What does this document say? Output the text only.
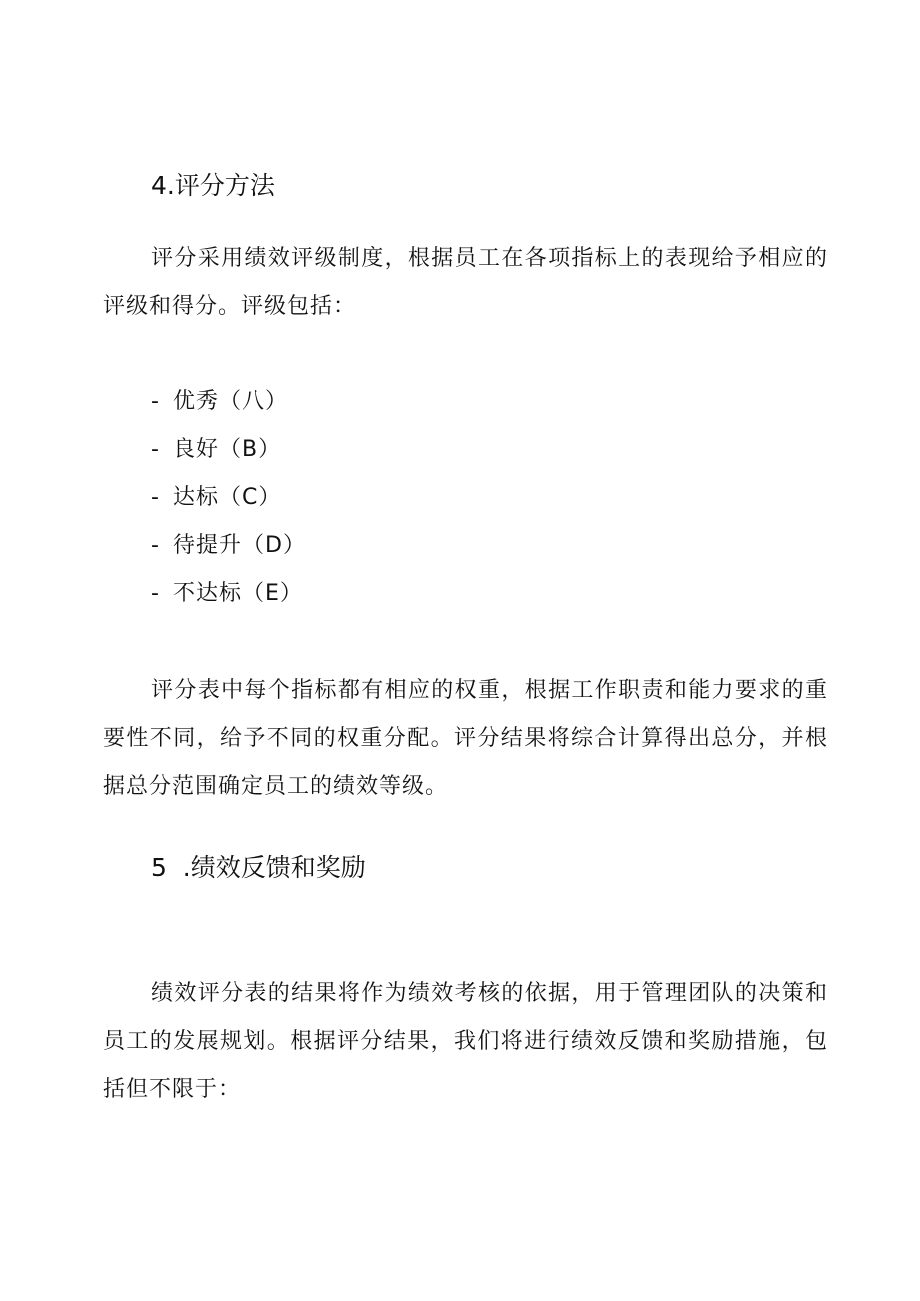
4.评分方法

评分采用绩效评级制度，根据员工在各项指标上的表现给予相应的评级和得分。评级包括：

- 优秀（八）
- 良好（B）
- 达标（C）
- 待提升（D）
- 不达标（E）

评分表中每个指标都有相应的权重，根据工作职责和能力要求的重要性不同，给予不同的权重分配。评分结果将综合计算得出总分，并根据总分范围确定员工的绩效等级。

5  .绩效反馈和奖励

绩效评分表的结果将作为绩效考核的依据，用于管理团队的决策和员工的发展规划。根据评分结果，我们将进行绩效反馈和奖励措施，包括但不限于：
